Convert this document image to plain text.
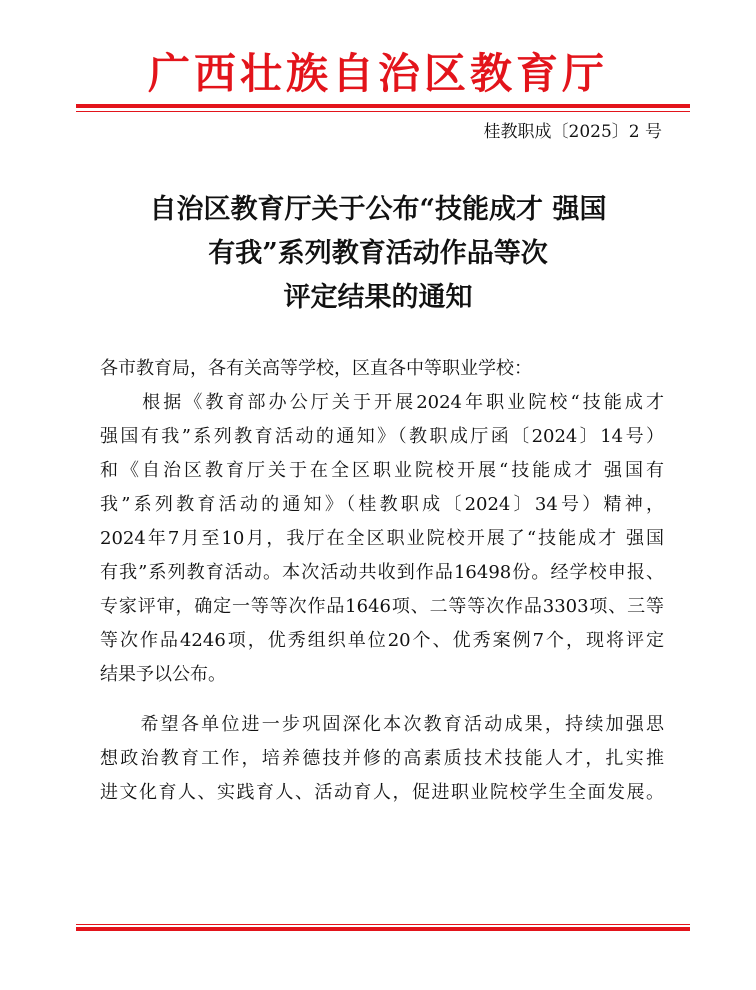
广西壮族自治区教育厅
桂教职成〔2025〕2 号
自治区教育厅关于公布“技能成才 强国
有我”系列教育活动作品等次
评定结果的通知
各市教育局，各有关高等学校，区直各中等职业学校：
　　根据《教育部办公厅关于开展2024年职业院校“技能成才
强国有我”系列教育活动的通知》（教职成厅函〔2024〕14号）
和《自治区教育厅关于在全区职业院校开展“技能成才 强国有
我”系列教育活动的通知》（桂教职成〔2024〕34号）精神，
2024年7月至10月，我厅在全区职业院校开展了“技能成才 强国
有我”系列教育活动。本次活动共收到作品16498份。经学校申报、
专家评审，确定一等等次作品1646项、二等等次作品3303项、三等
等次作品4246项，优秀组织单位20个、优秀案例7个，现将评定
结果予以公布。
　　希望各单位进一步巩固深化本次教育活动成果，持续加强思
想政治教育工作，培养德技并修的高素质技术技能人才，扎实推
进文化育人、实践育人、活动育人，促进职业院校学生全面发展。
